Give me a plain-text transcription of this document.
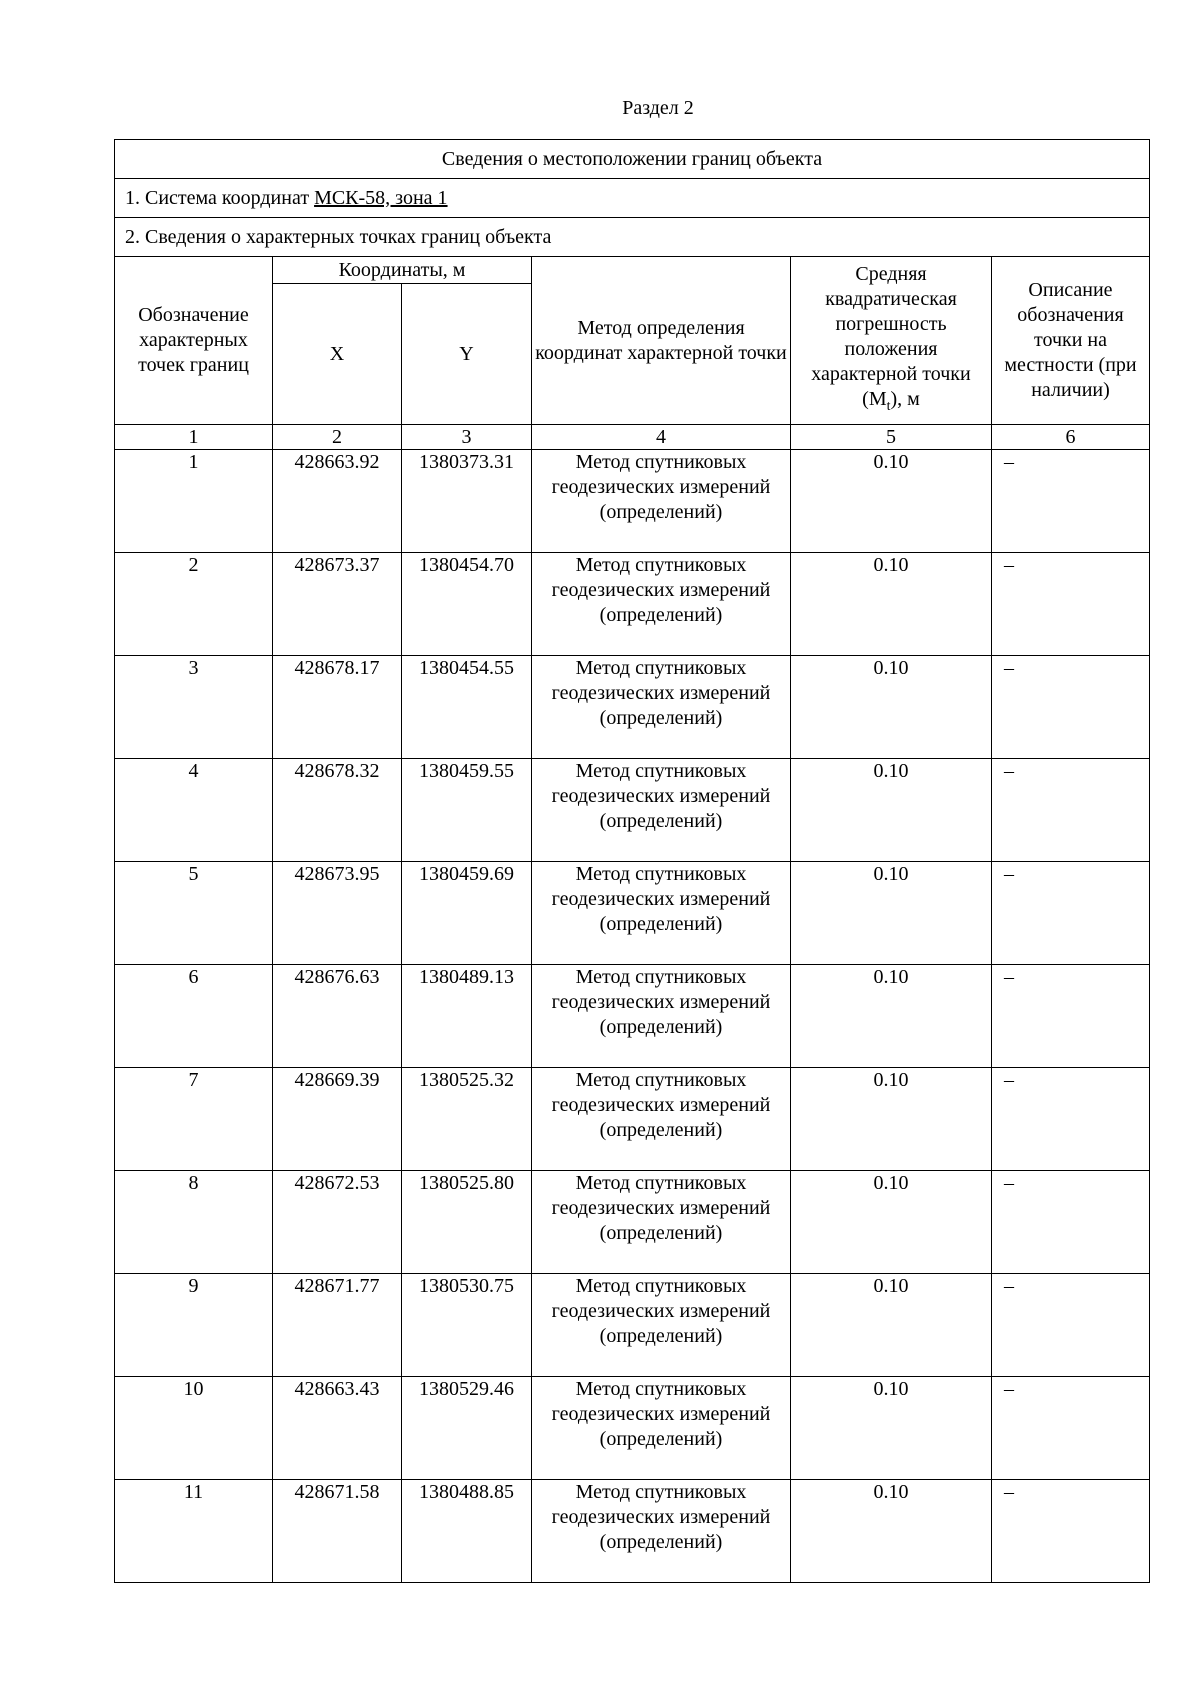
Раздел 2
Сведения о местоположении границ объекта					
1. Система координат МСК-58, зона 1					
2. Сведения о характерных точках границ объекта					
Обозначение характерных точек границ	Координаты, м		Метод определения координат характерной точки	Средняя квадратическая погрешность положения характерной точки $(M_t)$, м	Описание обозначения точки на местности (при наличии)
	X	Y			
1	2	3	4	5	6
1	428663.92	1380373.31	Метод спутниковых геодезических измерений (определений)	0.10	–
2	428673.37	1380454.70	Метод спутниковых геодезических измерений (определений)	0.10	–
3	428678.17	1380454.55	Метод спутниковых геодезических измерений (определений)	0.10	–
4	428678.32	1380459.55	Метод спутниковых геодезических измерений (определений)	0.10	–
5	428673.95	1380459.69	Метод спутниковых геодезических измерений (определений)	0.10	–
6	428676.63	1380489.13	Метод спутниковых геодезических измерений (определений)	0.10	–
7	428669.39	1380525.32	Метод спутниковых геодезических измерений (определений)	0.10	–
8	428672.53	1380525.80	Метод спутниковых геодезических измерений (определений)	0.10	–
9	428671.77	1380530.75	Метод спутниковых геодезических измерений (определений)	0.10	–
10	428663.43	1380529.46	Метод спутниковых геодезических измерений (определений)	0.10	–
11	428671.58	1380488.85	Метод спутниковых геодезических измерений (определений)	0.10	–
